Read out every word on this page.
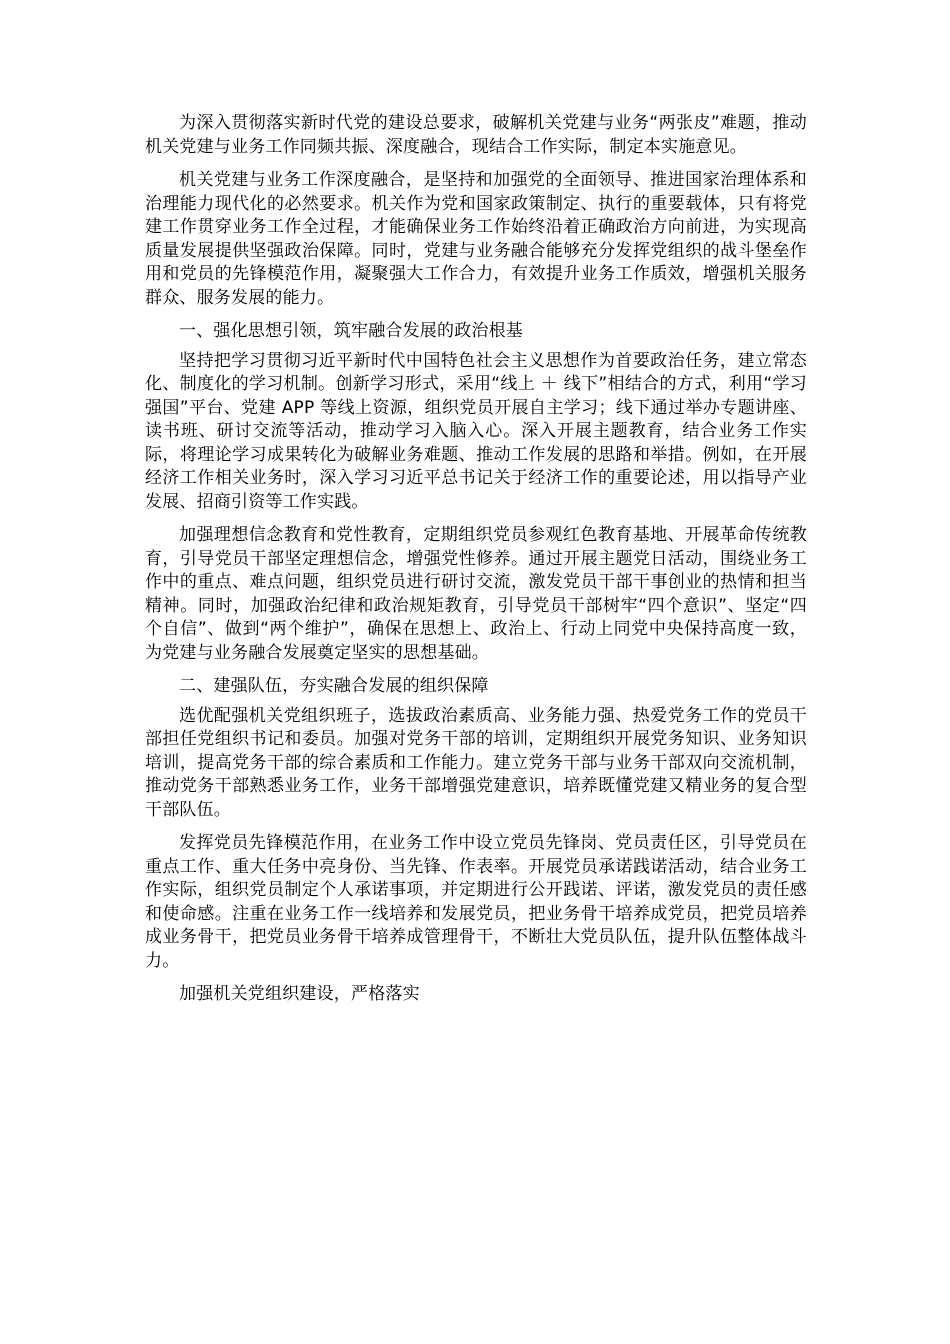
为深入贯彻落实新时代党的建设总要求，破解机关党建与业务“两张皮”难题，推动机关党建与业务工作同频共振、深度融合，现结合工作实际，制定本实施意见。

机关党建与业务工作深度融合，是坚持和加强党的全面领导、推进国家治理体系和治理能力现代化的必然要求。机关作为党和国家政策制定、执行的重要载体，只有将党建工作贯穿业务工作全过程，才能确保业务工作始终沿着正确政治方向前进，为实现高质量发展提供坚强政治保障。同时，党建与业务融合能够充分发挥党组织的战斗堡垒作用和党员的先锋模范作用，凝聚强大工作合力，有效提升业务工作质效，增强机关服务群众、服务发展的能力。

一、强化思想引领，筑牢融合发展的政治根基

坚持把学习贯彻习近平新时代中国特色社会主义思想作为首要政治任务，建立常态化、制度化的学习机制。创新学习形式，采用“线上 ＋ 线下”相结合的方式，利用“学习强国”平台、党建 APP 等线上资源，组织党员开展自主学习；线下通过举办专题讲座、读书班、研讨交流等活动，推动学习入脑入心。深入开展主题教育，结合业务工作实际，将理论学习成果转化为破解业务难题、推动工作发展的思路和举措。例如，在开展经济工作相关业务时，深入学习习近平总书记关于经济工作的重要论述，用以指导产业发展、招商引资等工作实践。

加强理想信念教育和党性教育，定期组织党员参观红色教育基地、开展革命传统教育，引导党员干部坚定理想信念，增强党性修养。通过开展主题党日活动，围绕业务工作中的重点、难点问题，组织党员进行研讨交流，激发党员干部干事创业的热情和担当精神。同时，加强政治纪律和政治规矩教育，引导党员干部树牢“四个意识”、坚定“四个自信”、做到“两个维护”，确保在思想上、政治上、行动上同党中央保持高度一致，为党建与业务融合发展奠定坚实的思想基础。

二、建强队伍，夯实融合发展的组织保障

选优配强机关党组织班子，选拔政治素质高、业务能力强、热爱党务工作的党员干部担任党组织书记和委员。加强对党务干部的培训，定期组织开展党务知识、业务知识培训，提高党务干部的综合素质和工作能力。建立党务干部与业务干部双向交流机制，推动党务干部熟悉业务工作，业务干部增强党建意识，培养既懂党建又精业务的复合型干部队伍。

发挥党员先锋模范作用，在业务工作中设立党员先锋岗、党员责任区，引导党员在重点工作、重大任务中亮身份、当先锋、作表率。开展党员承诺践诺活动，结合业务工作实际，组织党员制定个人承诺事项，并定期进行公开践诺、评诺，激发党员的责任感和使命感。注重在业务工作一线培养和发展党员，把业务骨干培养成党员，把党员培养成业务骨干，把党员业务骨干培养成管理骨干，不断壮大党员队伍，提升队伍整体战斗力。

加强机关党组织建设，严格落实
